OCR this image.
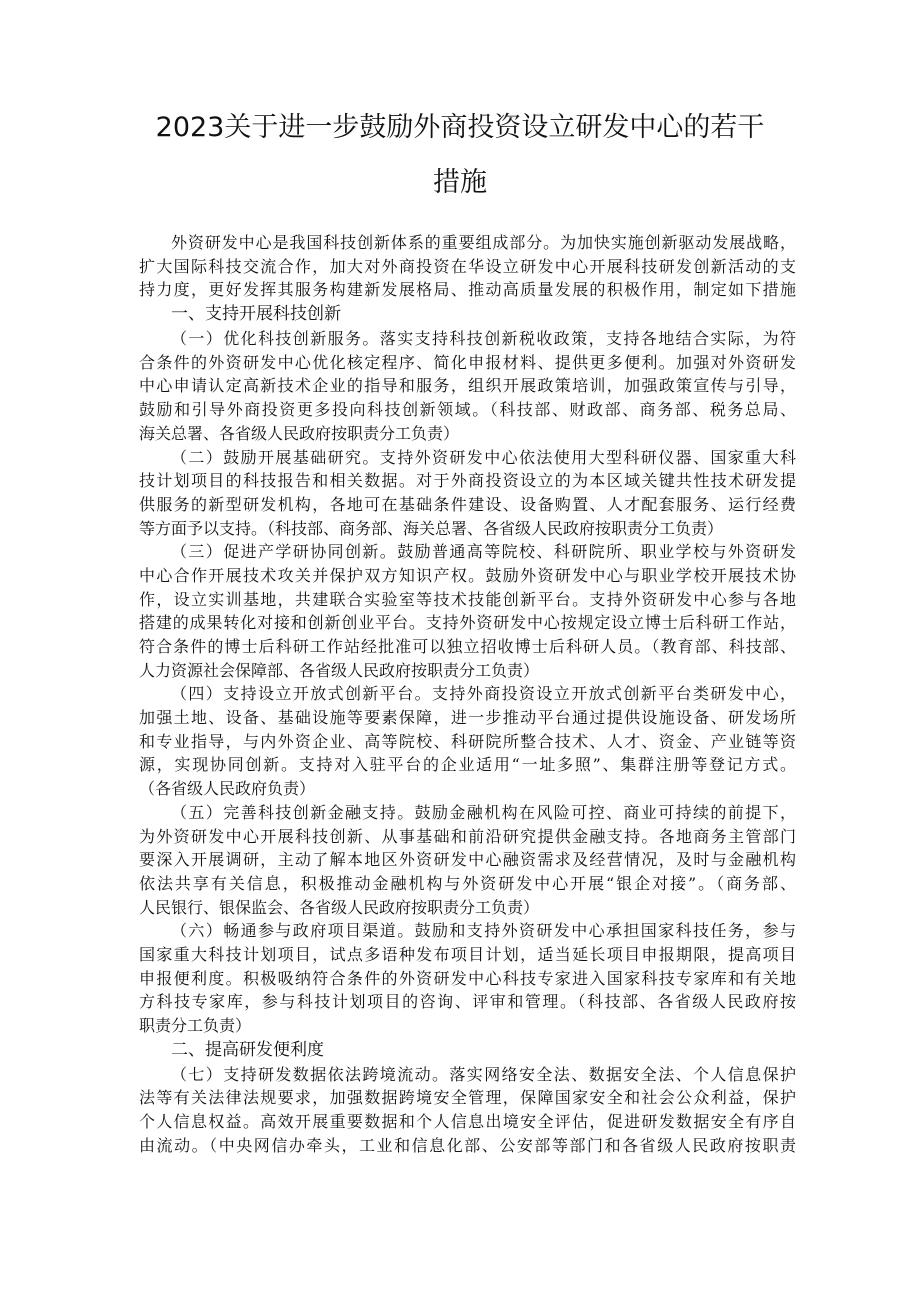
2023关于进一步鼓励外商投资设立研发中心的若干
措施
外资研发中心是我国科技创新体系的重要组成部分。为加快实施创新驱动发展战略，
扩大国际科技交流合作，加大对外商投资在华设立研发中心开展科技研发创新活动的支
持力度，更好发挥其服务构建新发展格局、推动高质量发展的积极作用，制定如下措施
一、支持开展科技创新
（一）优化科技创新服务。落实支持科技创新税收政策，支持各地结合实际，为符
合条件的外资研发中心优化核定程序、简化申报材料、提供更多便利。加强对外资研发
中心申请认定高新技术企业的指导和服务，组织开展政策培训，加强政策宣传与引导，
鼓励和引导外商投资更多投向科技创新领域。（科技部、财政部、商务部、税务总局、
海关总署、各省级人民政府按职责分工负责）
（二）鼓励开展基础研究。支持外资研发中心依法使用大型科研仪器、国家重大科
技计划项目的科技报告和相关数据。对于外商投资设立的为本区域关键共性技术研发提
供服务的新型研发机构，各地可在基础条件建设、设备购置、人才配套服务、运行经费
等方面予以支持。（科技部、商务部、海关总署、各省级人民政府按职责分工负责）
（三）促进产学研协同创新。鼓励普通高等院校、科研院所、职业学校与外资研发
中心合作开展技术攻关并保护双方知识产权。鼓励外资研发中心与职业学校开展技术协
作，设立实训基地，共建联合实验室等技术技能创新平台。支持外资研发中心参与各地
搭建的成果转化对接和创新创业平台。支持外资研发中心按规定设立博士后科研工作站，
符合条件的博士后科研工作站经批准可以独立招收博士后科研人员。（教育部、科技部、
人力资源社会保障部、各省级人民政府按职责分工负责）
（四）支持设立开放式创新平台。支持外商投资设立开放式创新平台类研发中心，
加强土地、设备、基础设施等要素保障，进一步推动平台通过提供设施设备、研发场所
和专业指导，与内外资企业、高等院校、科研院所整合技术、人才、资金、产业链等资
源，实现协同创新。支持对入驻平台的企业适用“一址多照”、集群注册等登记方式。
（各省级人民政府负责）
（五）完善科技创新金融支持。鼓励金融机构在风险可控、商业可持续的前提下，
为外资研发中心开展科技创新、从事基础和前沿研究提供金融支持。各地商务主管部门
要深入开展调研，主动了解本地区外资研发中心融资需求及经营情况，及时与金融机构
依法共享有关信息，积极推动金融机构与外资研发中心开展“银企对接”。（商务部、
人民银行、银保监会、各省级人民政府按职责分工负责）
（六）畅通参与政府项目渠道。鼓励和支持外资研发中心承担国家科技任务，参与
国家重大科技计划项目，试点多语种发布项目计划，适当延长项目申报期限，提高项目
申报便利度。积极吸纳符合条件的外资研发中心科技专家进入国家科技专家库和有关地
方科技专家库，参与科技计划项目的咨询、评审和管理。（科技部、各省级人民政府按
职责分工负责）
二、提高研发便利度
（七）支持研发数据依法跨境流动。落实网络安全法、数据安全法、个人信息保护
法等有关法律法规要求，加强数据跨境安全管理，保障国家安全和社会公众利益，保护
个人信息权益。高效开展重要数据和个人信息出境安全评估，促进研发数据安全有序自
由流动。（中央网信办牵头，工业和信息化部、公安部等部门和各省级人民政府按职责
